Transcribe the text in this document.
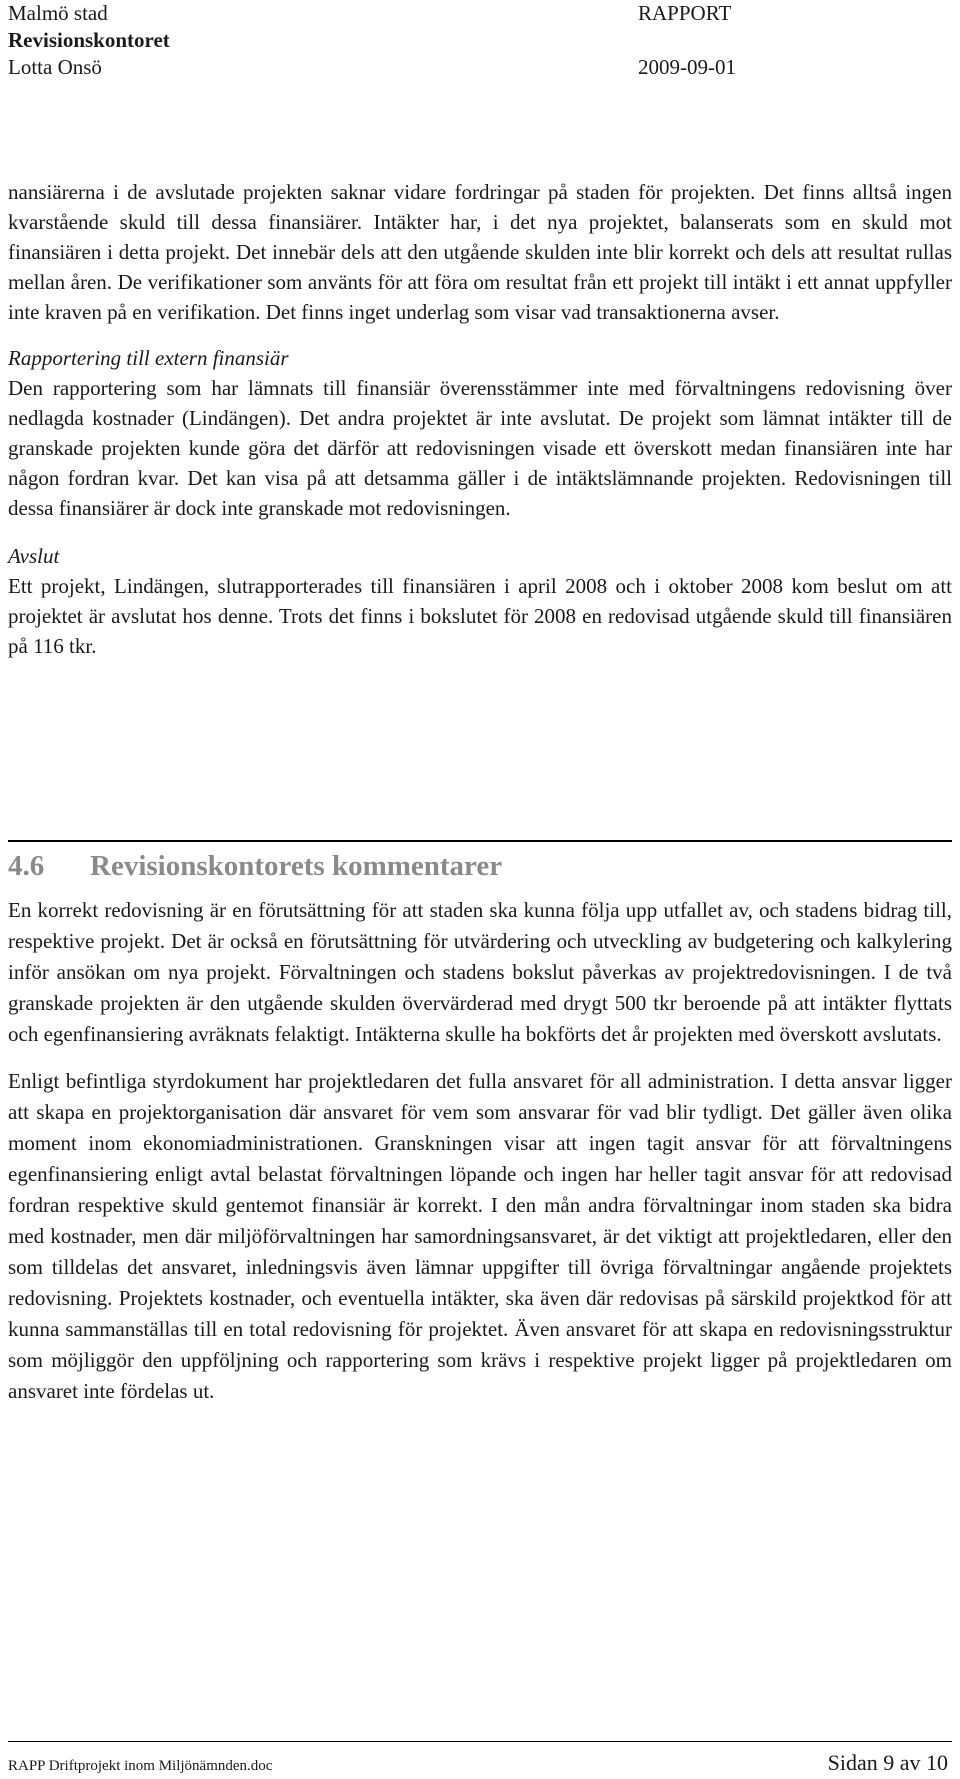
Malmö stad	RAPPORT
Revisionskontoret
Lotta Onsö	2009-09-01

nansiärerna i de avslutade projekten saknar vidare fordringar på staden för projekten. Det finns alltså ingen kvarstående skuld till dessa finansiärer. Intäkter har, i det nya projektet, balanserats som en skuld mot finansiären i detta projekt. Det innebär dels att den utgående skulden inte blir korrekt och dels att resultat rullas mellan åren. De verifikationer som använts för att föra om resultat från ett projekt till intäkt i ett annat uppfyller inte kraven på en verifikation. Det finns inget underlag som visar vad transaktionerna avser.

Rapportering till extern finansiär

Den rapportering som har lämnats till finansiär överensstämmer inte med förvaltningens redovisning över nedlagda kostnader (Lindängen). Det andra projektet är inte avslutat. De projekt som lämnat intäkter till de granskade projekten kunde göra det därför att redovisningen visade ett överskott medan finansiären inte har någon fordran kvar. Det kan visa på att detsamma gäller i de intäktslämnande projekten. Redovisningen till dessa finansiärer är dock inte granskade mot redovisningen.

Avslut

Ett projekt, Lindängen, slutrapporterades till finansiären i april 2008 och i oktober 2008 kom beslut om att projektet är avslutat hos denne. Trots det finns i bokslutet för 2008 en redovisad utgående skuld till finansiären på 116 tkr.

4.6 Revisionskontorets kommentarer

En korrekt redovisning är en förutsättning för att staden ska kunna följa upp utfallet av, och stadens bidrag till, respektive projekt. Det är också en förutsättning för utvärdering och utveckling av budgetering och kalkylering inför ansökan om nya projekt. Förvaltningen och stadens bokslut påverkas av projektredovisningen. I de två granskade projekten är den utgående skulden övervärderad med drygt 500 tkr beroende på att intäkter flyttats och egenfinansiering avräknats felaktigt. Intäkterna skulle ha bokförts det år projekten med överskott avslutats.

Enligt befintliga styrdokument har projektledaren det fulla ansvaret för all administration. I detta ansvar ligger att skapa en projektorganisation där ansvaret för vem som ansvarar för vad blir tydligt. Det gäller även olika moment inom ekonomiadministrationen. Granskningen visar att ingen tagit ansvar för att förvaltningens egenfinansiering enligt avtal belastat förvaltningen löpande och ingen har heller tagit ansvar för att redovisad fordran respektive skuld gentemot finansiär är korrekt. I den mån andra förvaltningar inom staden ska bidra med kostnader, men där miljöförvaltningen har samordningsansvaret, är det viktigt att projektledaren, eller den som tilldelas det ansvaret, inledningsvis även lämnar uppgifter till övriga förvaltningar angående projektets redovisning. Projektets kostnader, och eventuella intäkter, ska även där redovisas på särskild projektkod för att kunna sammanställas till en total redovisning för projektet. Även ansvaret för att skapa en redovisningsstruktur som möjliggör den uppföljning och rapportering som krävs i respektive projekt ligger på projektledaren om ansvaret inte fördelas ut.

RAPP Driftprojekt inom Miljönämnden.doc	Sidan 9 av 10
